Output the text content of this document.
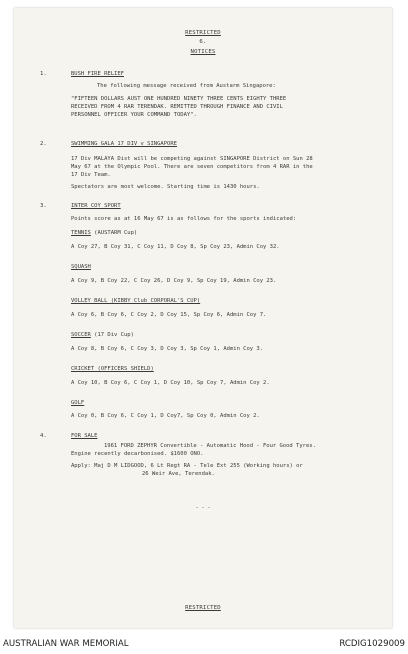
RESTRICTED
6.
NOTICES
1.	BUSH FIRE RELIEF
The following message received from Austarm Singapore:
"FIFTEEN DOLLARS AUST ONE HUNDRED NINETY THREE CENTS EIGHTY THREE
RECEIVED FROM 4 RAR TERENDAK. REMITTED THROUGH FINANCE AND CIVIL
PERSONNEL OFFICER YOUR COMMAND TODAY".
2.	SWIMMING GALA 17 DIV v SINGAPORE
17 Div MALAYA Dist will be competing against SINGAPORE District on Sun 28
May 67 at the Olympic Pool. There are seven competitors from 4 RAR in the
17 Div Team.
Spectators are most welcome. Starting time is 1430 hours.
3.	INTER COY SPORT
Points score as at 16 May 67 is as follows for the sports indicated:
TENNIS (AUSTARM Cup)
A Coy 27, B Coy 31, C Coy 11, D Coy 8, Sp Coy 23, Admin Coy 32.
SQUASH
A Coy 9, B Coy 22, C Coy 26, D Coy 9, Sp Coy 19, Admin Coy 23.
VOLLEY BALL (KIBBY Club CORPORAL'S CUP)
A Coy 6, B Coy 6, C Coy 2, D Coy 15, Sp Coy 6, Admin Coy 7.
SOCCER (17 Div Cup)
A Coy 8, B Coy 6, C Coy 3, D Coy 3, Sp Coy 1, Admin Coy 3.
CRICKET (OFFICERS SHIELD)
A Coy 10, B Coy 6, C Coy 1, D Coy 10, Sp Coy 7, Admin Coy 2.
GOLF
A Coy 0, B Coy 6, C Coy 1, D Coy7, Sp Coy 0, Admin Coy 2.
4.	FOR SALE
1961 FORD ZEPHYR Convertible - Automatic Hood - Four Good Tyres.
Engine recently decarbonised. $1600 ONO.
Apply: Maj D M LIDGOOD, 6 Lt Regt RA - Tele Ext 255 (Working hours) or
26 Weir Ave, Terendak.
- - -
RESTRICTED
AUSTRALIAN WAR MEMORIAL	RCDIG1029009
